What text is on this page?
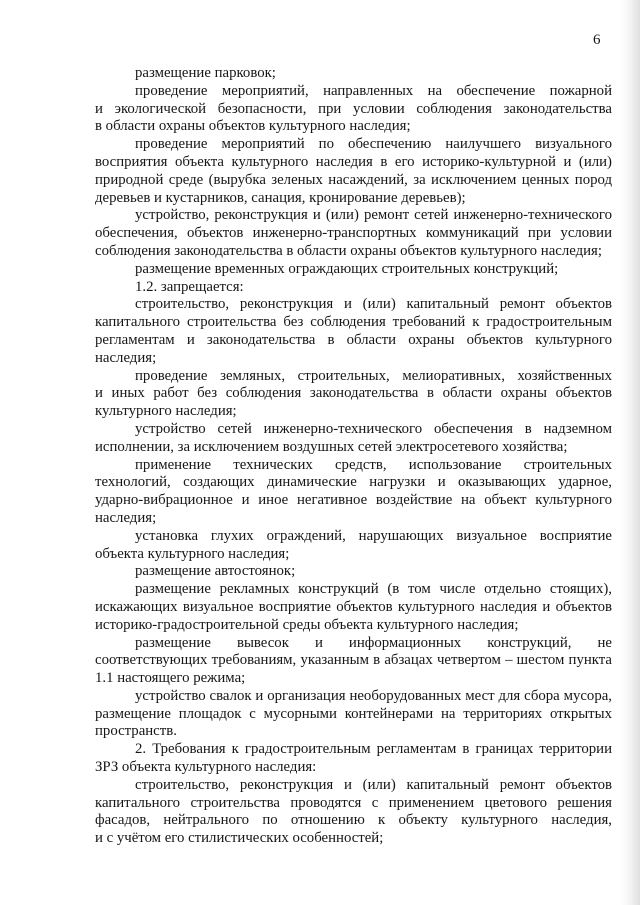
6
размещение парковок;
проведение мероприятий, направленных на обеспечение пожарной
и экологической безопасности, при условии соблюдения законодательства
в области охраны объектов культурного наследия;
проведение мероприятий по обеспечению наилучшего визуального
восприятия объекта культурного наследия в его историко-культурной и (или)
природной среде (вырубка зеленых насаждений, за исключением ценных пород
деревьев и кустарников, санация, кронирование деревьев);
устройство, реконструкция и (или) ремонт сетей инженерно-технического
обеспечения, объектов инженерно-транспортных коммуникаций при условии
соблюдения законодательства в области охраны объектов культурного наследия;
размещение временных ограждающих строительных конструкций;
1.2. запрещается:
строительство, реконструкция и (или) капитальный ремонт объектов
капитального строительства без соблюдения требований к градостроительным
регламентам и законодательства в области охраны объектов культурного
наследия;
проведение земляных, строительных, мелиоративных, хозяйственных
и иных работ без соблюдения законодательства в области охраны объектов
культурного наследия;
устройство сетей инженерно-технического обеспечения в надземном
исполнении, за исключением воздушных сетей электросетевого хозяйства;
применение технических средств, использование строительных
технологий, создающих динамические нагрузки и оказывающих ударное,
ударно-вибрационное и иное негативное воздействие на объект культурного
наследия;
установка глухих ограждений, нарушающих визуальное восприятие
объекта культурного наследия;
размещение автостоянок;
размещение рекламных конструкций (в том числе отдельно стоящих),
искажающих визуальное восприятие объектов культурного наследия и объектов
историко-градостроительной среды объекта культурного наследия;
размещение вывесок и информационных конструкций, не
соответствующих требованиям, указанным в абзацах четвертом – шестом пункта
1.1 настоящего режима;
устройство свалок и организация необорудованных мест для сбора мусора,
размещение площадок с мусорными контейнерами на территориях открытых
пространств.
2. Требования к градостроительным регламентам в границах территории
ЗРЗ объекта культурного наследия:
строительство, реконструкция и (или) капитальный ремонт объектов
капитального строительства проводятся с применением цветового решения
фасадов, нейтрального по отношению к объекту культурного наследия,
и с учётом его стилистических особенностей;
